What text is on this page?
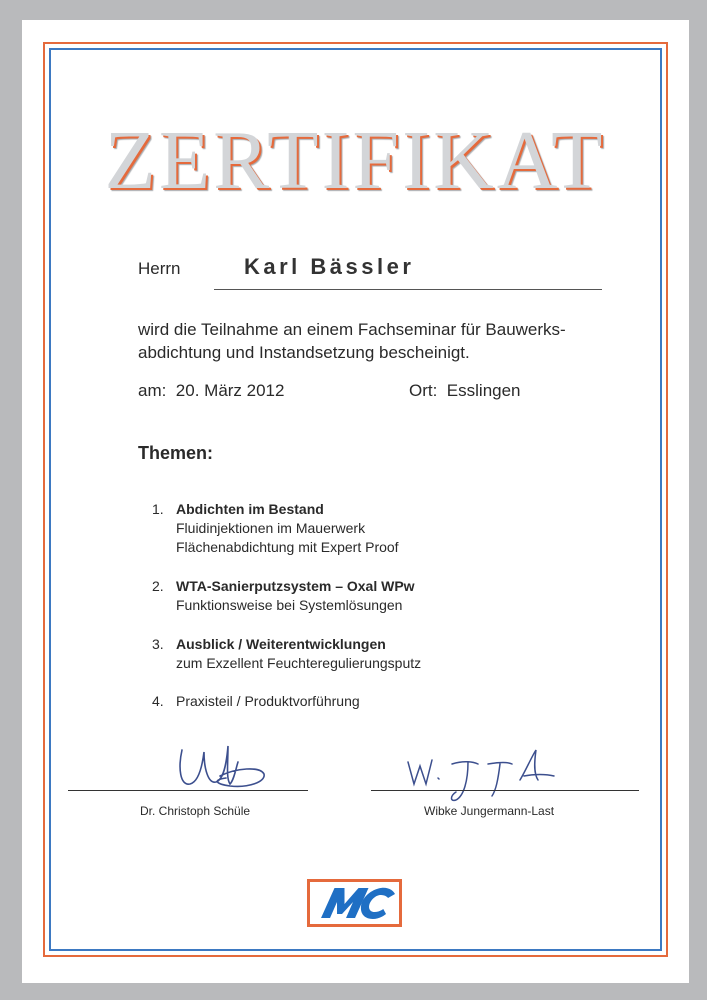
ZERTIFIKAT
Herrn	Karl Bässler
wird die Teilnahme an einem Fachseminar für Bauwerks-
abdichtung und Instandsetzung bescheinigt.
am: 20. März 2012	Ort: Esslingen
Themen:
1. Abdichten im Bestand
Fluidinjektionen im Mauerwerk
Flächenabdichtung mit Expert Proof
2. WTA-Sanierputzsystem – Oxal WPw
Funktionsweise bei Systemlösungen
3. Ausblick / Weiterentwicklungen
zum Exzellent Feuchteregulierungsputz
4. Praxisteil / Produktvorführung
Dr. Christoph Schüle	Wibke Jungermann-Last
